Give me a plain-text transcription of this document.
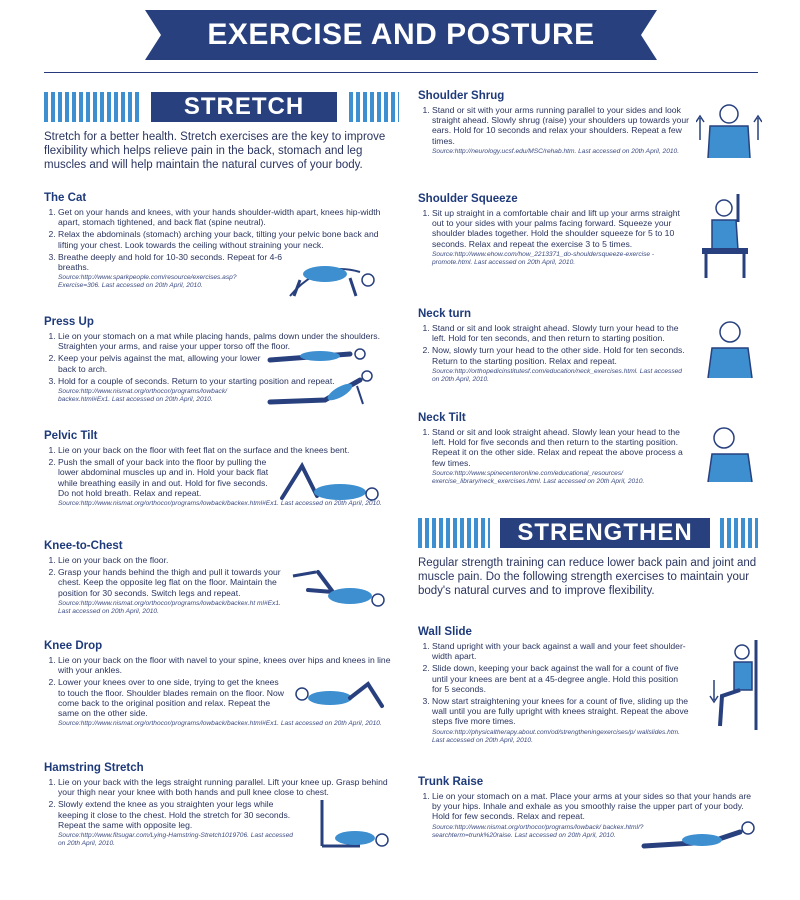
EXERCISE AND POSTURE
STRETCH
Stretch for a better health. Stretch exercises are the key to improve flexibility which helps relieve pain in the back, stomach and leg muscles and will help maintain the natural curves of your body.
The Cat
1. Get on your hands and knees, with your hands shoulder-width apart, knees hip-width apart, stomach tightened, and back flat (spine neutral).
2. Relax the abdominals (stomach) arching your back, tilting your pelvic bone back and lifting your chest. Look towards the ceiling without straining your neck.
3. Breathe deeply and hold for 10-30 seconds. Repeat for 4-6 breaths.
Source:http://www.sparkpeople.com/resource/exercises.asp? Exercise=306. Last accessed on 20th April, 2010.
Press Up
1. Lie on your stomach on a mat while placing hands, palms down under the shoulders. Straighten your arms, and raise your upper torso off the floor.
2. Keep your pelvis against the mat, allowing your lower back to arch.
3. Hold for a couple of seconds. Return to your starting position and repeat.
Source:http://www.nismat.org/orthocor/programs/lowback/ backex.html#Ex1. Last accessed on 20th April, 2010.
Pelvic Tilt
1. Lie on your back on the floor with feet flat on the surface and the knees bent.
2. Push the small of your back into the floor by pulling the lower abdominal muscles up and in. Hold your back flat while breathing easily in and out. Hold for five seconds. Do not hold breath. Relax and repeat.
Source:http://www.nismat.org/orthocor/programs/lowback/backex.html#Ex1. Last accessed on 20th April, 2010.
Knee-to-Chest
1. Lie on your back on the floor.
2. Grasp your hands behind the thigh and pull it towards your chest. Keep the opposite leg flat on the floor. Maintain the position for 30 seconds. Switch legs and repeat.
Source:http://www.nismat.org/orthocor/programs/lowback/backex.ht ml#Ex1. Last accessed on 20th April, 2010.
Knee Drop
1. Lie on your back on the floor with navel to your spine, knees over hips and knees in line with your ankles.
2. Lower your knees over to one side, trying to get the knees to touch the floor. Shoulder blades remain on the floor. Now come back to the original position and relax. Repeat the same on the other side.
Source:http://www.nismat.org/orthocor/programs/lowback/backex.html#Ex1. Last accessed on 20th April, 2010.
Hamstring Stretch
1. Lie on your back with the legs straight running parallel. Lift your knee up. Grasp behind your thigh near your knee with both hands and pull knee close to chest.
2. Slowly extend the knee as you straighten your legs while keeping it close to the chest. Hold the stretch for 30 seconds. Repeat the same with opposite leg.
Source:http://www.fitsugar.com/Lying-Hamstring-Stretch1019706. Last accessed on 20th April, 2010.
Shoulder Shrug
1. Stand or sit with your arms running parallel to your sides and look straight ahead. Slowly shrug (raise) your shoulders up towards your ears. Hold for 10 seconds and relax your shoulders. Repeat a few times.
Source:http://neurology.ucsf.edu/MSC/rehab.htm. Last accessed on 20th April, 2010.
Shoulder Squeeze
1. Sit up straight in a comfortable chair and lift up your arms straight out to your sides with your palms facing forward. Squeeze your shoulder blades together. Hold the shoulder squeeze for 5 to 10 seconds. Relax and repeat the exercise 3 to 5 times.
Source:http://www.ehow.com/how_2213371_do-shouldersqueeze-exercise -promote.html. Last accessed on 20th April, 2010.
Neck turn
1. Stand or sit and look straight ahead. Slowly turn your head to the left. Hold for ten seconds, and then return to starting position.
2. Now, slowly turn your head to the other side. Hold for ten seconds. Return to the starting position. Relax and repeat.
Source:http://orthopedicinstitutesf.com/education/neck_exercises.html. Last accessed on 20th April, 2010.
Neck Tilt
1. Stand or sit and look straight ahead. Slowly lean your head to the left. Hold for five seconds and then return to the starting position. Repeat it on the other side. Relax and repeat the above process a few times.
Source:http://www.spinecenteronline.com/educational_resources/ exercise_library/neck_exercises.html. Last accessed on 20th April, 2010.
STRENGTHEN
Regular strength training can reduce lower back pain and joint and muscle pain. Do the following strength exercises to maintain your body's natural curves and to improve flexibility.
Wall Slide
1. Stand upright with your back against a wall and your feet shoulder-width apart.
2. Slide down, keeping your back against the wall for a count of five until your knees are bent at a 45-degree angle. Hold this position for 5 seconds.
3. Now start straightening your knees for a count of five, sliding up the wall until you are fully upright with knees straight. Repeat the above steps five more times.
Source:http://physicaltherapy.about.com/od/strengtheningexercises/p/ wallslides.htm. Last accessed on 20th April, 2010.
Trunk Raise
1. Lie on your stomach on a mat. Place your arms at your sides so that your hands are by your hips. Inhale and exhale as you smoothly raise the upper part of your body. Hold for few seconds. Relax and repeat.
Source:http://www.nismat.org/orthocor/programs/lowback/ backex.html/?searchterm=trunk%20raise. Last accessed on 20th April, 2010.
